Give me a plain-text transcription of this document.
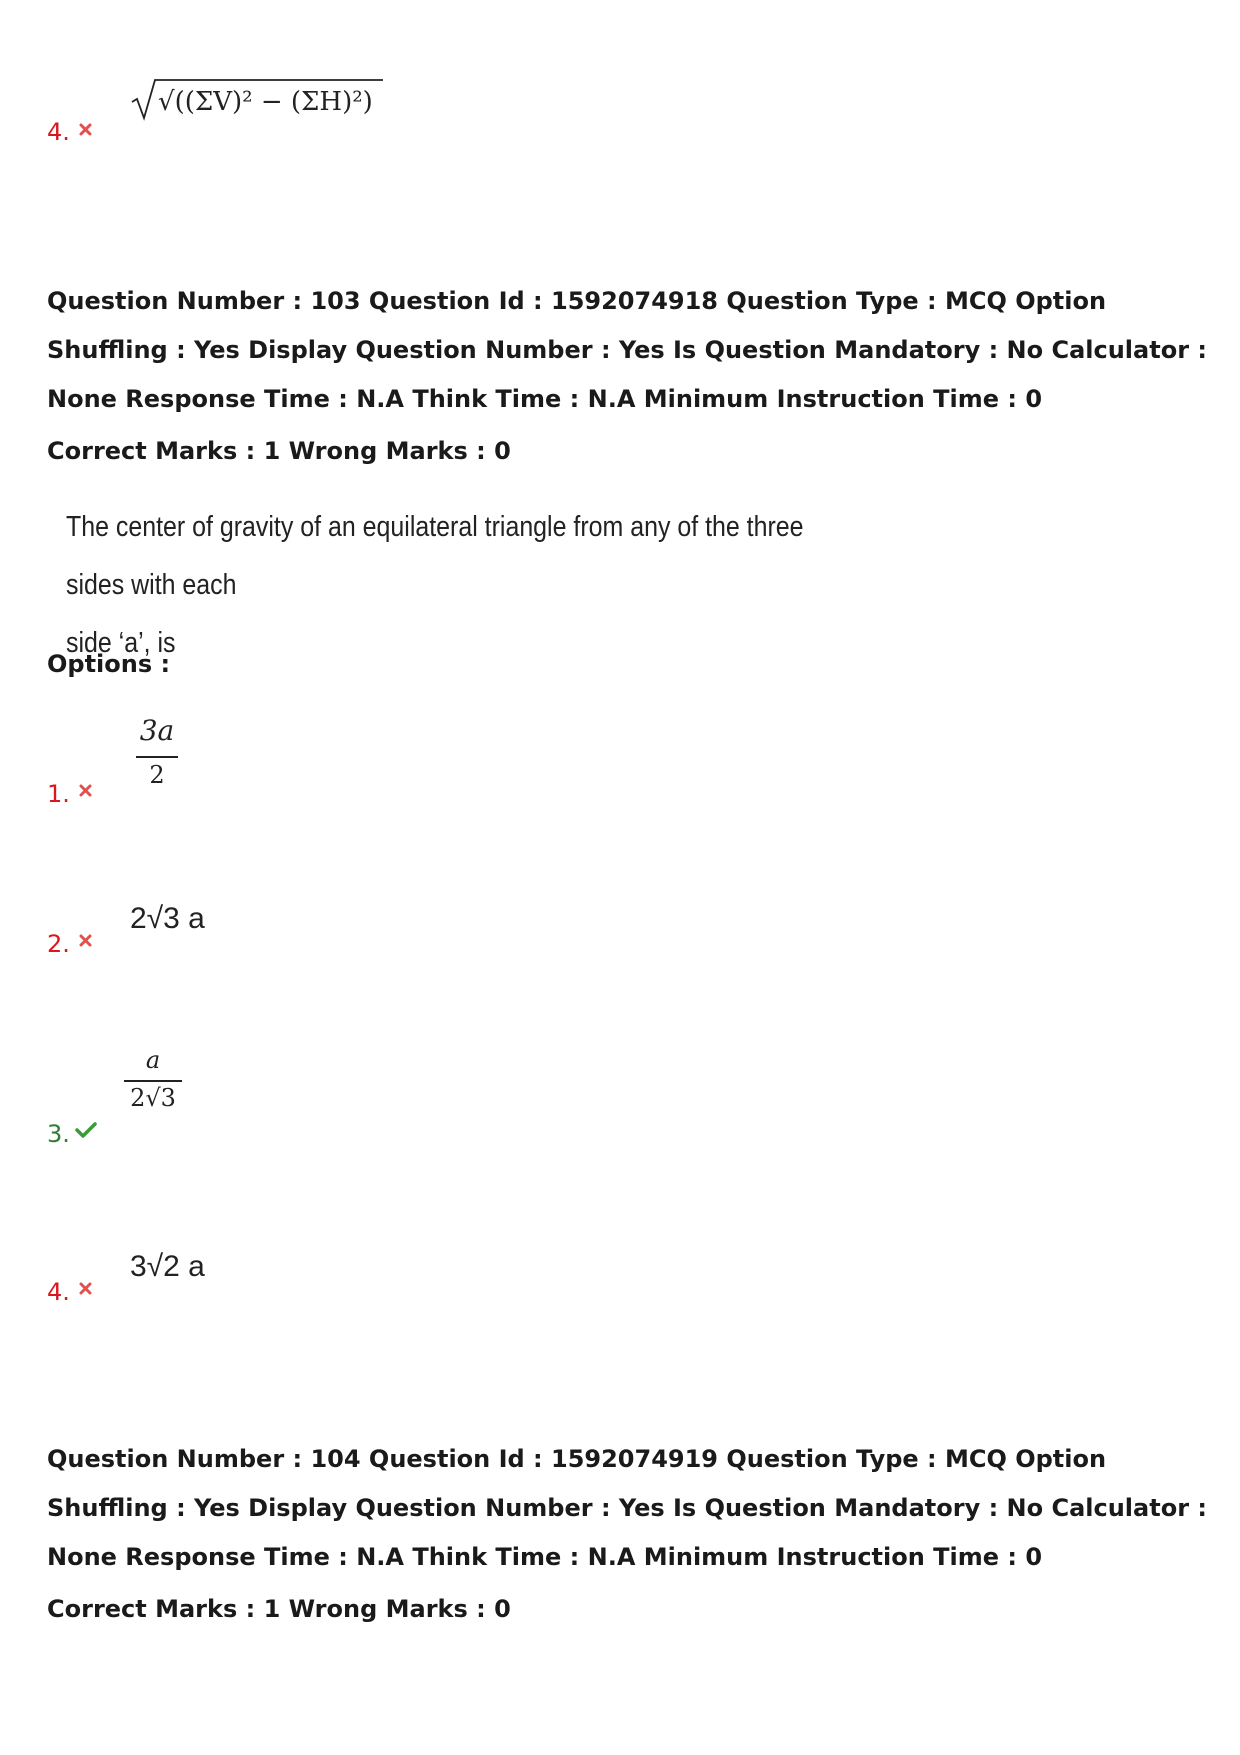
4.
√((ΣV)² − (ΣH)²)
Question Number : 103 Question Id : 1592074918 Question Type : MCQ Option Shuffling : Yes Display Question Number : Yes Is Question Mandatory : No Calculator : None Response Time : N.A Think Time : N.A Minimum Instruction Time : 0
Correct Marks : 1 Wrong Marks : 0
The center of gravity of an equilateral triangle from any of the three sides with each
side ‘a’, is
Options :
1.
3a
2
2.
2√3 a
3.
a
2√3
4.
3√2 a
Question Number : 104 Question Id : 1592074919 Question Type : MCQ Option Shuffling : Yes Display Question Number : Yes Is Question Mandatory : No Calculator : None Response Time : N.A Think Time : N.A Minimum Instruction Time : 0
Correct Marks : 1 Wrong Marks : 0
